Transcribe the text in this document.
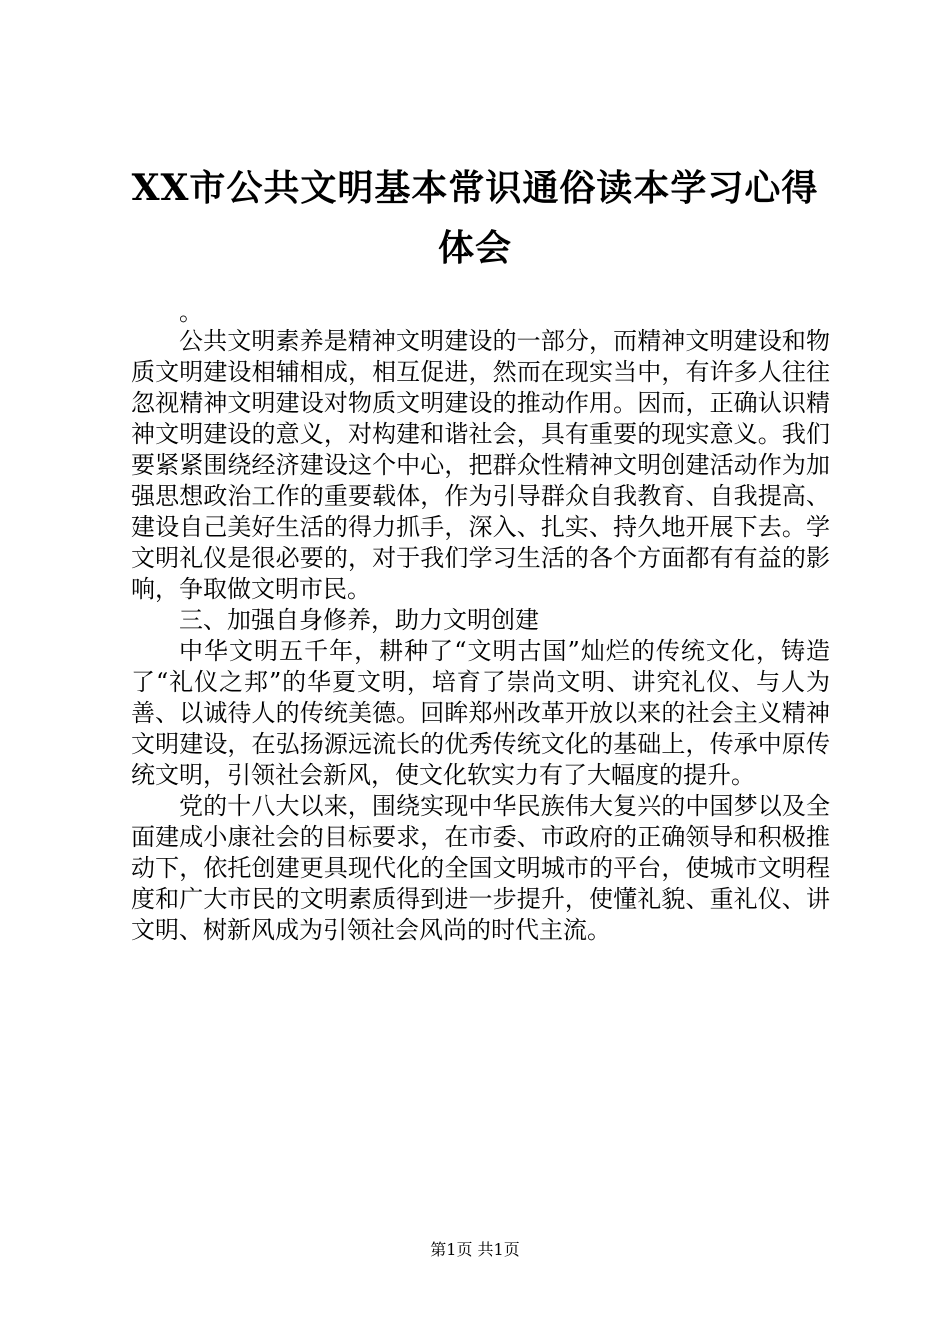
XX市公共文明基本常识通俗读本学习心得体会

。

公共文明素养是精神文明建设的一部分，而精神文明建设和物质文明建设相辅相成，相互促进，然而在现实当中，有许多人往往忽视精神文明建设对物质文明建设的推动作用。因而，正确认识精神文明建设的意义，对构建和谐社会，具有重要的现实意义。我们要紧紧围绕经济建设这个中心，把群众性精神文明创建活动作为加强思想政治工作的重要载体，作为引导群众自我教育、自我提高、建设自己美好生活的得力抓手，深入、扎实、持久地开展下去。学文明礼仪是很必要的，对于我们学习生活的各个方面都有有益的影响，争取做文明市民。

三、加强自身修养，助力文明创建

中华文明五千年，耕种了“文明古国”灿烂的传统文化，铸造了“礼仪之邦”的华夏文明，培育了崇尚文明、讲究礼仪、与人为善、以诚待人的传统美德。回眸郑州改革开放以来的社会主义精神文明建设，在弘扬源远流长的优秀传统文化的基础上，传承中原传统文明，引领社会新风，使文化软实力有了大幅度的提升。

党的十八大以来，围绕实现中华民族伟大复兴的中国梦以及全面建成小康社会的目标要求，在市委、市政府的正确领导和积极推动下，依托创建更具现代化的全国文明城市的平台，使城市文明程度和广大市民的文明素质得到进一步提升，使懂礼貌、重礼仪、讲文明、树新风成为引领社会风尚的时代主流。

第1页 共1页
